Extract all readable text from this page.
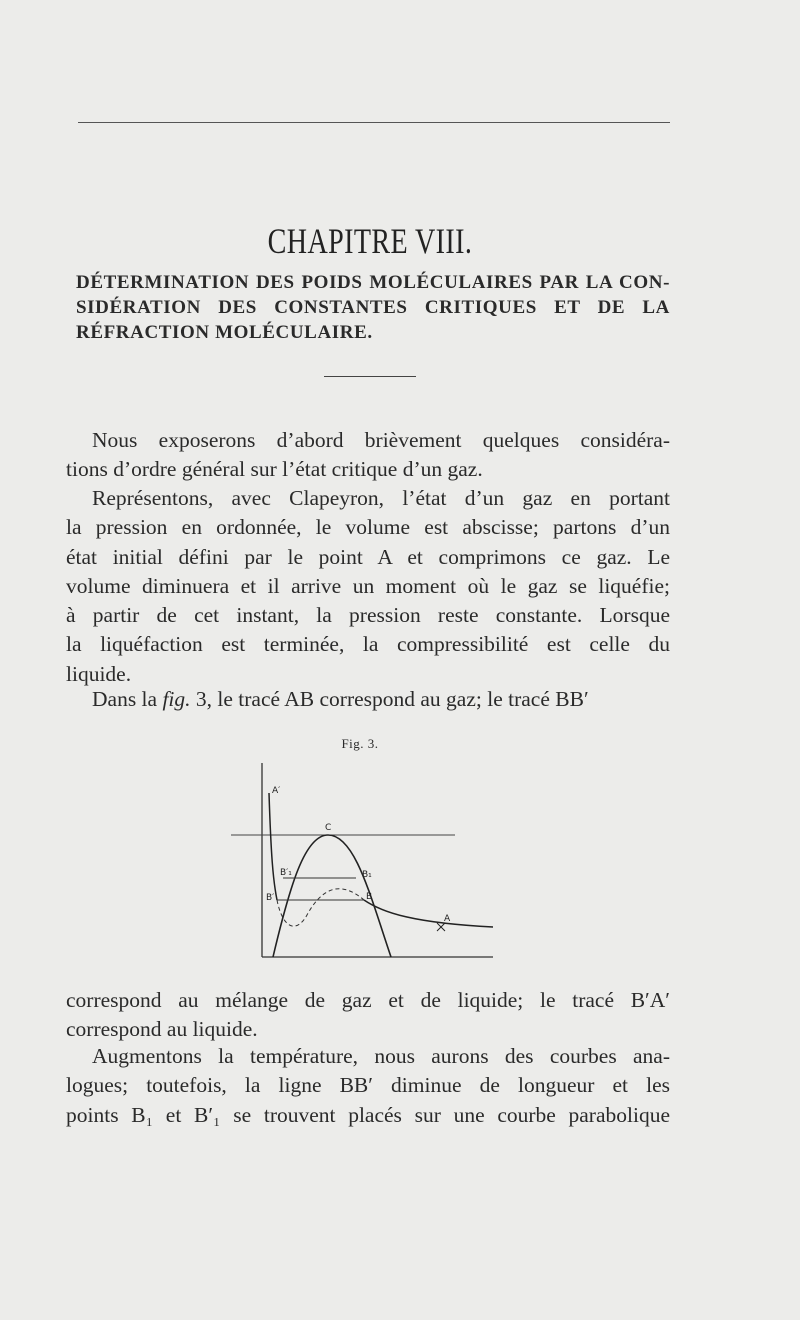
CHAPITRE VIII.
DÉTERMINATION DES POIDS MOLÉCULAIRES PAR LA CON-
SIDÉRATION DES CONSTANTES CRITIQUES ET DE LA
RÉFRACTION MOLÉCULAIRE.
Nous exposerons d’abord brièvement quelques considéra-
tions d’ordre général sur l’état critique d’un gaz.
Représentons, avec Clapeyron, l’état d’un gaz en portant
la pression en ordonnée, le volume est abscisse; partons d’un
état initial défini par le point A et comprimons ce gaz. Le
volume diminuera et il arrive un moment où le gaz se liquéfie;
à partir de cet instant, la pression reste constante. Lorsque
la liquéfaction est terminée, la compressibilité est celle du
liquide.
Dans la fig. 3, le tracé AB correspond au gaz; le tracé BB′
Fig. 3.
A′
C
B′₁	B₁
B′	B
A
correspond au mélange de gaz et de liquide; le tracé B′A′
correspond au liquide.
Augmentons la température, nous aurons des courbes ana-
logues; toutefois, la ligne BB′ diminue de longueur et les
points B₁ et B′₁ se trouvent placés sur une courbe parabolique
